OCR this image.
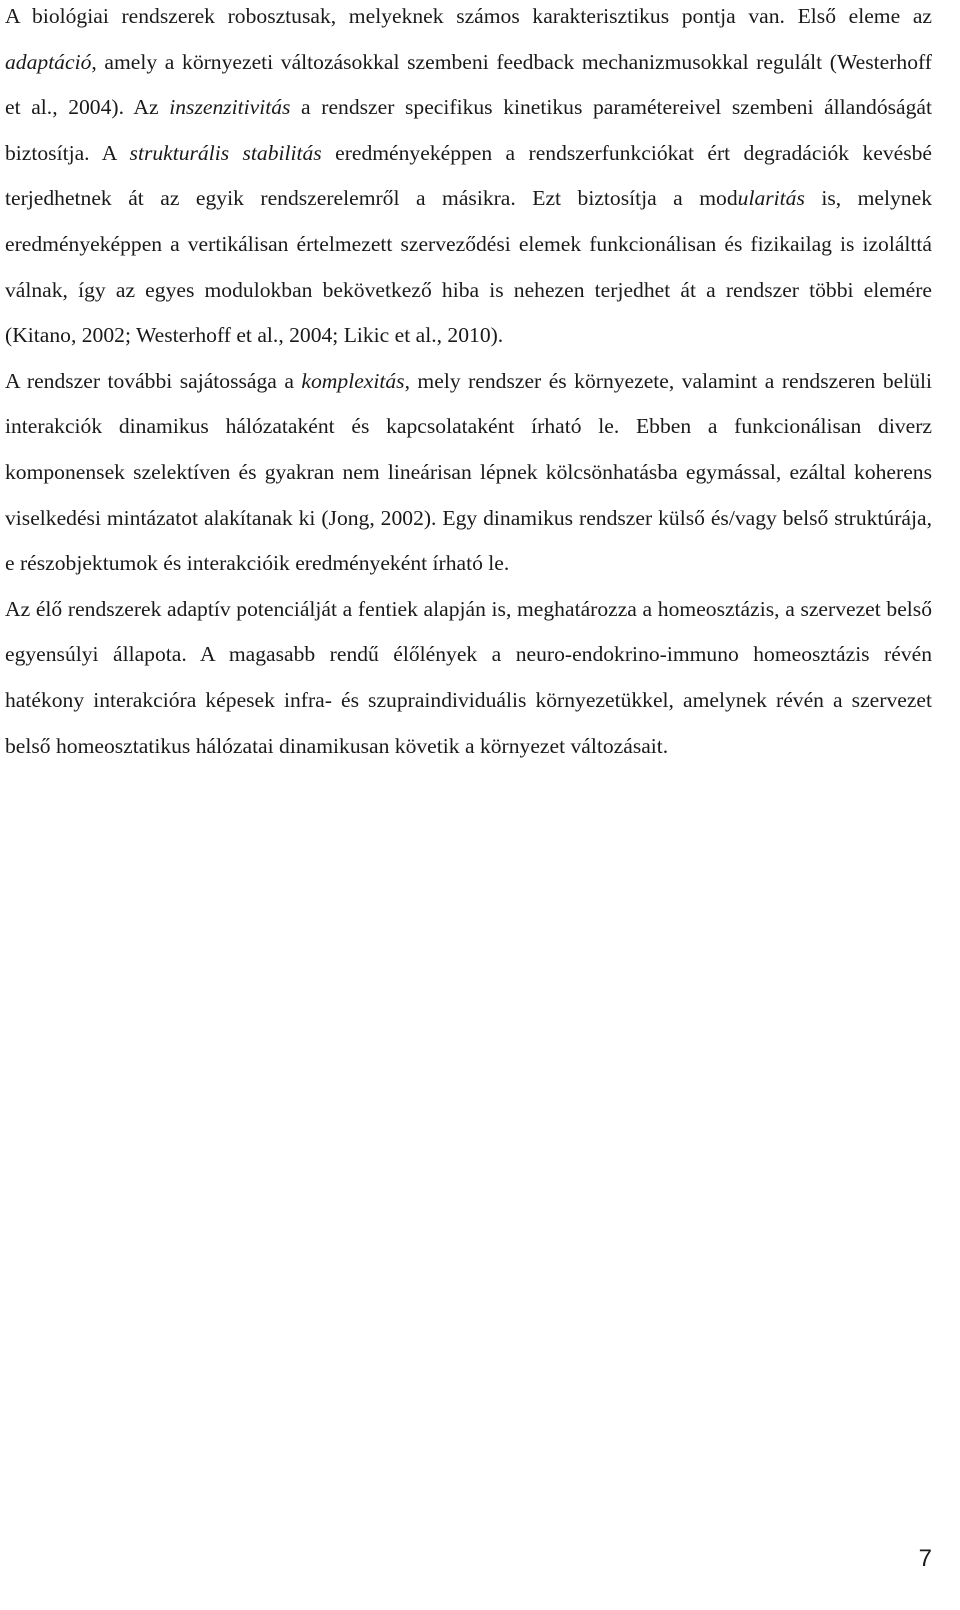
A biológiai rendszerek robosztusak, melyeknek számos karakterisztikus pontja van. Első eleme az adaptáció, amely a környezeti változásokkal szembeni feedback mechanizmusokkal regulált (Westerhoff et al., 2004). Az inszenzitivitás a rendszer specifikus kinetikus paramétereivel szembeni állandóságát biztosítja. A strukturális stabilitás eredményeképpen a rendszerfunkciókat ért degradációk kevésbé terjedhetnek át az egyik rendszerelemről a másikra. Ezt biztosítja a modularitás is, melynek eredményeképpen a vertikálisan értelmezett szerveződési elemek funkcionálisan és fizikailag is izolálttá válnak, így az egyes modulokban bekövetkező hiba is nehezen terjedhet át a rendszer többi elemére (Kitano, 2002; Westerhoff et al., 2004; Likic et al., 2010).

A rendszer további sajátossága a komplexitás, mely rendszer és környezete, valamint a rendszeren belüli interakciók dinamikus hálózataként és kapcsolataként írható le. Ebben a funkcionálisan diverz komponensek szelektíven és gyakran nem lineárisan lépnek kölcsönhatásba egymással, ezáltal koherens viselkedési mintázatot alakítanak ki (Jong, 2002). Egy dinamikus rendszer külső és/vagy belső struktúrája, e részobjektumok és interakcióik eredményeként írható le.

Az élő rendszerek adaptív potenciálját a fentiek alapján is, meghatározza a homeosztázis, a szervezet belső egyensúlyi állapota. A magasabb rendű élőlények a neuro-endokrino-immuno homeosztázis révén hatékony interakcióra képesek infra- és szupraindividuális környezetükkel, amelynek révén a szervezet belső homeosztatikus hálózatai dinamikusan követik a környezet változásait.

7
